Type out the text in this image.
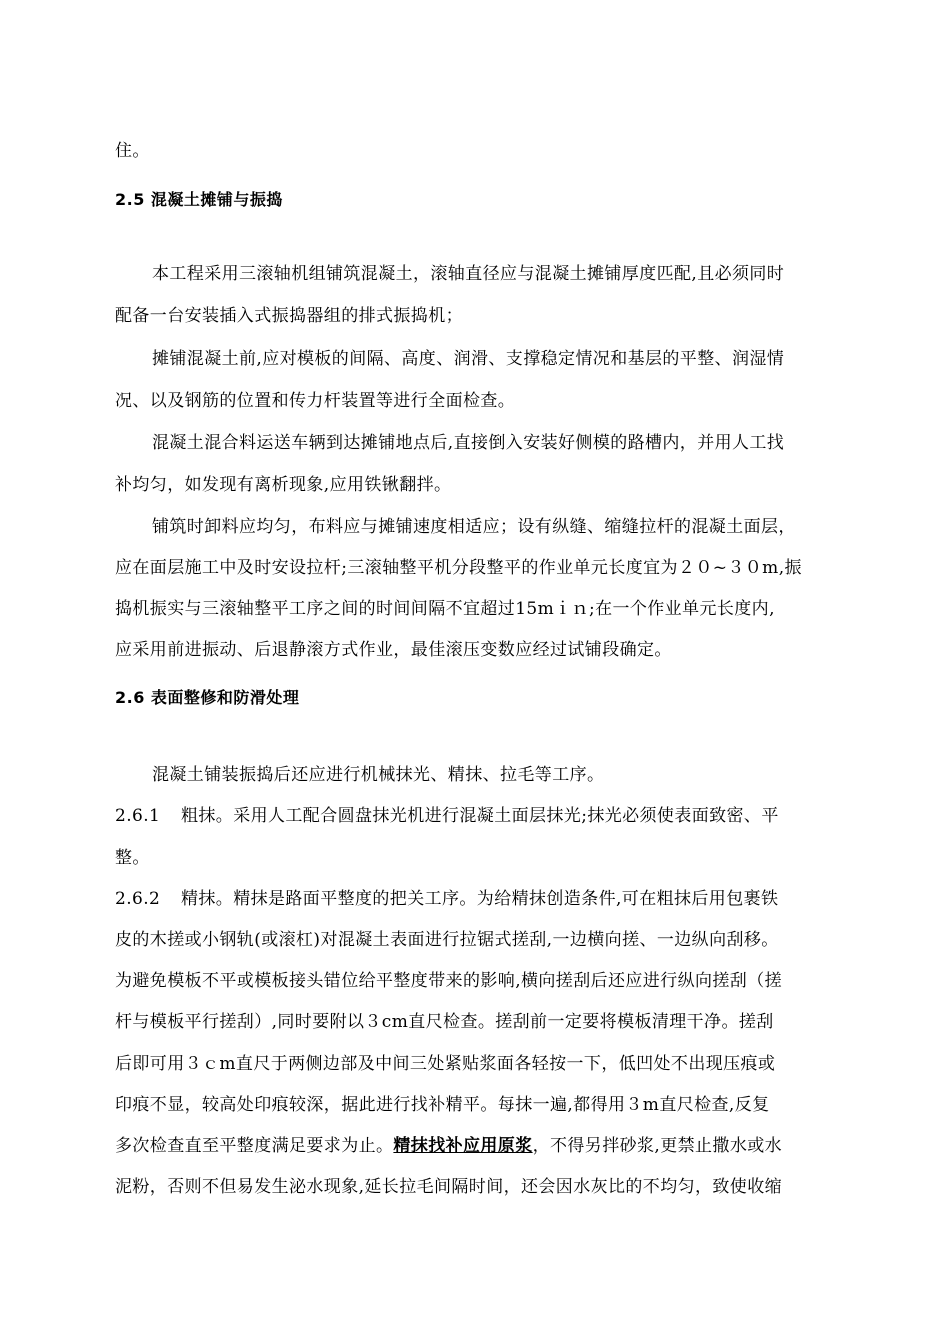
住。
2.5 混凝土摊铺与振捣
本工程采用三滚轴机组铺筑混凝土，滚轴直径应与混凝土摊铺厚度匹配,且必须同时
配备一台安装插入式振捣器组的排式振捣机；
摊铺混凝土前,应对模板的间隔、高度、润滑、支撑稳定情况和基层的平整、润湿情
况、以及钢筋的位置和传力杆装置等进行全面检查。
混凝土混合料运送车辆到达摊铺地点后,直接倒入安装好侧模的路槽内，并用人工找
补均匀，如发现有离析现象,应用铁锹翻拌。
铺筑时卸料应均匀，布料应与摊铺速度相适应；设有纵缝、缩缝拉杆的混凝土面层，
应在面层施工中及时安设拉杆;三滚轴整平机分段整平的作业单元长度宜为２０~３０m,振
捣机振实与三滚轴整平工序之间的时间间隔不宜超过15mｉｎ;在一个作业单元长度内,
应采用前进振动、后退静滚方式作业，最佳滚压变数应经过试铺段确定。
2.6 表面整修和防滑处理
混凝土铺装振捣后还应进行机械抹光、精抹、拉毛等工序。
2.6.1 粗抹。采用人工配合圆盘抹光机进行混凝土面层抹光;抹光必须使表面致密、平
整。
2.6.2 精抹。精抹是路面平整度的把关工序。为给精抹创造条件,可在粗抹后用包裹铁
皮的木搓或小钢轨(或滚杠)对混凝土表面进行拉锯式搓刮,一边横向搓、一边纵向刮移。
为避免模板不平或模板接头错位给平整度带来的影响,横向搓刮后还应进行纵向搓刮（搓
杆与模板平行搓刮）,同时要附以３cm直尺检查。搓刮前一定要将模板清理干净。搓刮
后即可用３ｃm直尺于两侧边部及中间三处紧贴浆面各轻按一下，低凹处不出现压痕或
印痕不显，较高处印痕较深，据此进行找补精平。每抹一遍,都得用３m直尺检查,反复
多次检查直至平整度满足要求为止。精抹找补应用原浆，不得另拌砂浆,更禁止撒水或水
泥粉，否则不但易发生泌水现象,延长拉毛间隔时间，还会因水灰比的不均匀，致使收缩
